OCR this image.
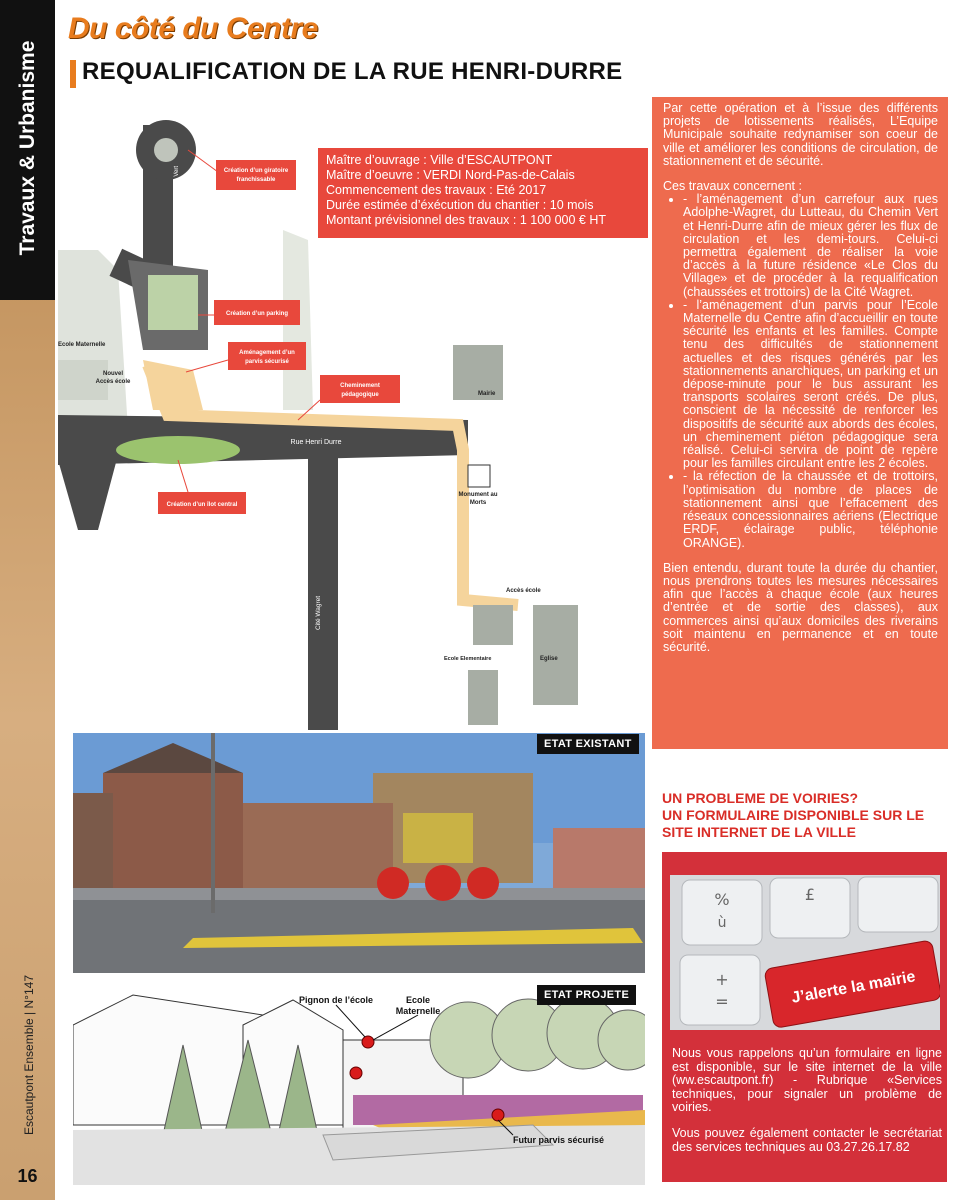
Travaux & Urbanisme
Escautpont Ensemble | N°147
16
Du côté du Centre
REQUALIFICATION DE LA RUE HENRI-DURRE
Création d’un giratoire
franchissable
Création d’un parking
Aménagement d’un
parvis sécurisé
Cheminement
pédagogique
Création d’un îlot central
Rue du Chemin Vert
Ecole Maternelle
Nouvel
Accès école
Rue Henri Durre
Mairie
Monument au
Morts
Cité Wagret
Accès école
Ecole Elementaire	Eglise
Maître d’ouvrage : Ville d’ESCAUTPONT
Maître d’oeuvre : VERDI Nord-Pas-de-Calais
Commencement des travaux : Eté 2017
Durée estimée d’éxécution du chantier : 10 mois
Montant prévisionnel des travaux : 1 100 000 € HT

Par cette opération et à l’issue des différents projets de lotissements réalisés, L’Equipe Municipale souhaite redynamiser son coeur de ville et améliorer les conditions de circulation, de stationnement et de sécurité.

Ces travaux concernent :

• - l’aménagement d’un carrefour aux rues Adolphe-Wagret, du Lutteau, du Chemin Vert et Henri-Durre afin de mieux gérer les flux de circulation et les demi-tours. Celui-ci permettra également de réaliser la voie d’accès à la future résidence «Le Clos du Village» et de procéder à la requalification (chaussées et trottoirs) de la Cité Wagret.
• - l’aménagement d’un parvis pour l’Ecole Maternelle du Centre afin d’accueillir en toute sécurité les enfants et les familles. Compte tenu des difficultés de stationnement actuelles et des risques générés par les stationnements anarchiques, un parking et un dépose-minute pour le bus assurant les transports scolaires seront créés. De plus, conscient de la nécessité de renforcer les dispositifs de sécurité aux abords des écoles, un cheminement piéton pédagogique sera réalisé. Celui-ci servira de point de repère pour les familles circulant entre les 2 écoles.
• - la réfection de la chaussée et de trottoirs, l’optimisation du nombre de places de stationnement ainsi que l’effacement des réseaux concessionnaires aériens (Electrique ERDF, éclairage public, téléphonie ORANGE).

Bien entendu, durant toute la durée du chantier, nous prendrons toutes les mesures nécessaires afin que l’accès à chaque école (aux heures d’entrée et de sortie des classes), aux commerces ainsi qu’aux domiciles des riverains soit maintenu en permanence et en toute sécurité.

ETAT EXISTANT
Pignon de l’école	Ecole
Maternelle
Futur parvis sécurisé
ETAT PROJETE
UN PROBLEME DE VOIRIES?
UN FORMULAIRE DISPONIBLE SUR LE
SITE INTERNET DE LA VILLE
%
ù
£
+
=	J’alerte la mairie

Nous vous rappelons qu’un formulaire en ligne est disponible, sur le site internet de la ville (ww.escautpont.fr) - Rubrique «Services techniques, pour signaler un problème de voiries.

Vous pouvez également contacter le secrétariat des services techniques au 03.27.26.17.82
